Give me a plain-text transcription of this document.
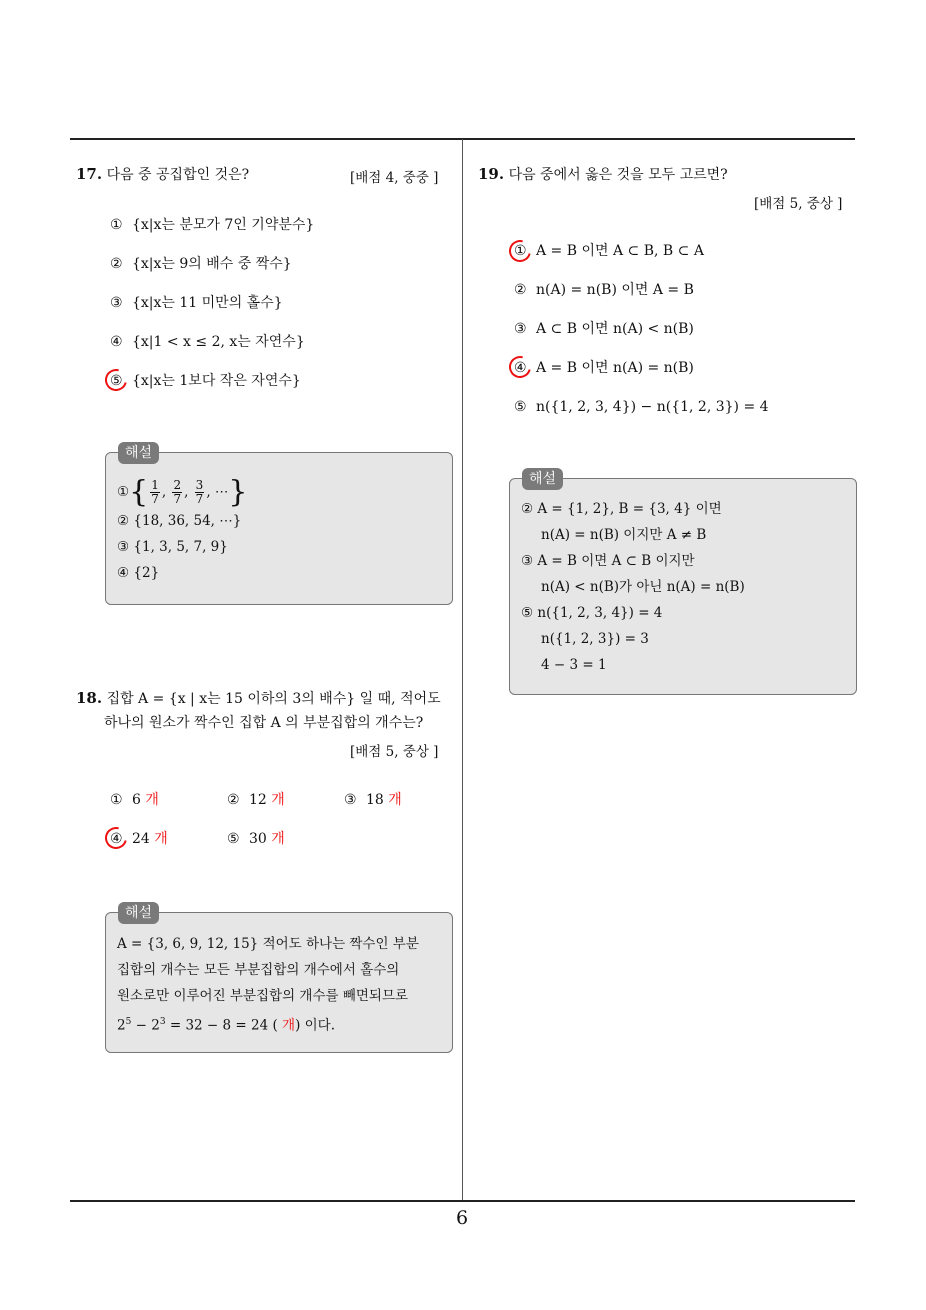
17. 다음 중 공집합인 것은?	[배점 4, 중중 ]
① {x|x는 분모가 7인 기약분수}
② {x|x는 9의 배수 중 짝수}
③ {x|x는 11 미만의 홀수}
④ {x|1 < x ≤ 2, x는 자연수}
⑤ {x|x는 1보다 작은 자연수}
해설
①{ $\frac{1}{7}$ , $\frac{2}{7}$ , $\frac{3}{7}$ , ⋯}
② {18, 36, 54, ⋯}
③ {1, 3, 5, 7, 9}
④ {2}
18. 집합 A = {x | x는 15 이하의 3의 배수} 일 때, 적어도
하나의 원소가 짝수인 집합 A 의 부분집합의 개수는?
[배점 5, 중상 ]
① 6 개	② 12 개	③ 18 개
④ 24 개	⑤ 30 개
해설
A = {3, 6, 9, 12, 15} 적어도 하나는 짝수인 부분
집합의 개수는 모든 부분집합의 개수에서 홀수의
원소로만 이루어진 부분집합의 개수를 빼면되므로
$2^5 - 2^3 = 32 - 8 = 24$ ( 개) 이다.
19. 다음 중에서 옳은 것을 모두 고르면?
[배점 5, 중상 ]
① A = B 이면 A ⊂ B, B ⊂ A
② n(A) = n(B) 이면 A = B
③ A ⊂ B 이면 n(A) < n(B)
④ A = B 이면 n(A) = n(B)
⑤ n({1, 2, 3, 4}) − n({1, 2, 3}) = 4
해설
② A = {1, 2}, B = {3, 4} 이면
n(A) = n(B) 이지만 A ≠ B
③ A = B 이면 A ⊂ B 이지만
n(A) < n(B)가 아닌 n(A) = n(B)
⑤ n({1, 2, 3, 4}) = 4
n({1, 2, 3}) = 3
4 − 3 = 1
6
